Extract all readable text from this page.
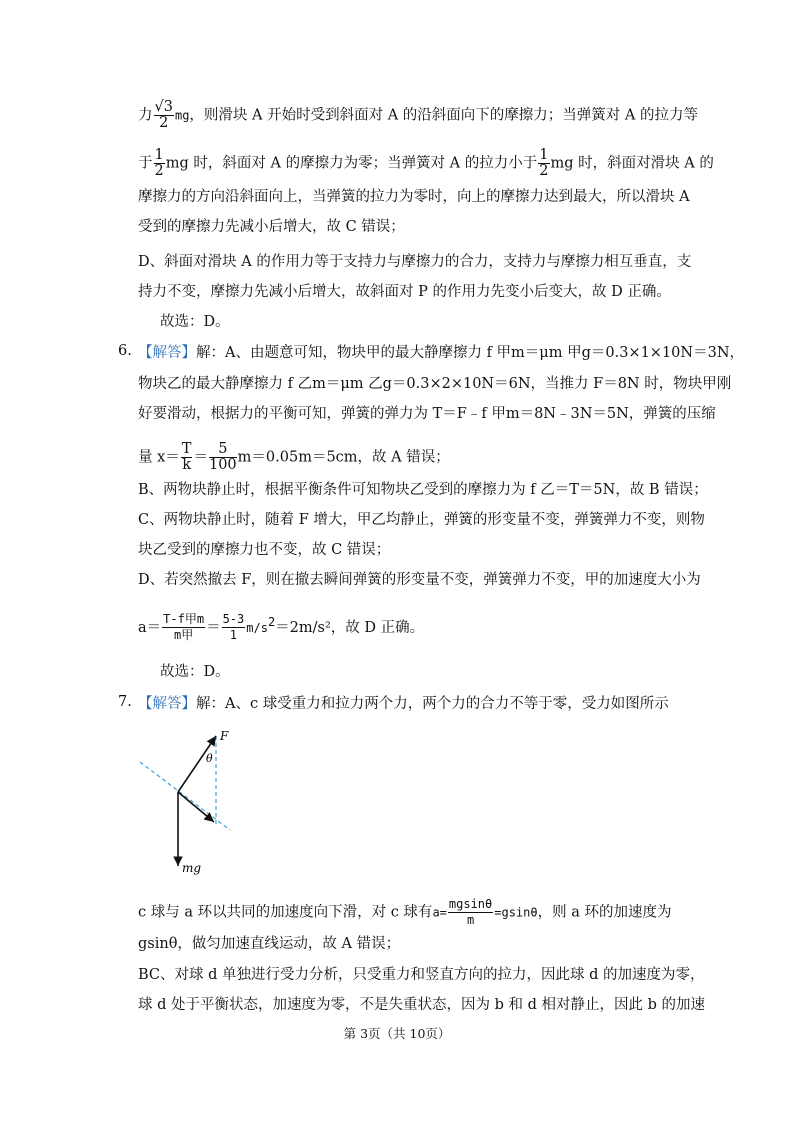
力 $\frac{√3}{2}$ mg，则滑块 A 开始时受到斜面对 A 的沿斜面向下的摩擦力；当弹簧对 A 的拉力等
于 $\frac{1}{2}$ mg 时，斜面对 A 的摩擦力为零；当弹簧对 A 的拉力小于 $\frac{1}{2}$ mg 时，斜面对滑块 A 的
摩擦力的方向沿斜面向上，当弹簧的拉力为零时，向上的摩擦力达到最大，所以滑块 A
受到的摩擦力先减小后增大，故 C 错误；
D、斜面对滑块 A 的作用力等于支持力与摩擦力的合力，支持力与摩擦力相互垂直，支
持力不变，摩擦力先减小后增大，故斜面对 P 的作用力先变小后变大，故 D 正确。
故选：D。
6. 【解答】解：A、由题意可知，物块甲的最大静摩擦力 f 甲m＝μm 甲g＝0.3×1×10N＝3N，
物块乙的最大静摩擦力 f 乙m＝μm 乙g＝0.3×2×10N＝6N，当推力 F＝8N 时，物块甲刚
好要滑动，根据力的平衡可知，弹簧的弹力为 T＝F﹣f 甲m＝8N﹣3N＝5N，弹簧的压缩
量 $x= \frac{T}{k} = \frac{5}{100} m=0.05m=5cm$，故 A 错误；
B、两物块静止时，根据平衡条件可知物块乙受到的摩擦力为 f 乙＝T＝5N，故 B 错误；
C、两物块静止时，随着 F 增大，甲乙均静止，弹簧的形变量不变，弹簧弹力不变，则物
块乙受到的摩擦力也不变，故 C 错误；
D、若突然撤去 F，则在撤去瞬间弹簧的形变量不变，弹簧弹力不变，甲的加速度大小为
$a= \frac{\text{T-f甲m}}{\text{m甲}} = \frac{5-3}{1} m/s^2=2m/s^2$，故 D 正确。
故选：D。
7. 【解答】解：A、c 球受重力和拉力两个力，两个力的合力不等于零，受力如图所示
F
θ
mg
c 球与 a 环以共同的加速度向下滑，对 c 球有$a= \frac{mgsin\theta}{m} =gsin\theta$，则 a 环的加速度为
gsinθ，做匀加速直线运动，故 A 错误；
BC、对球 d 单独进行受力分析，只受重力和竖直方向的拉力，因此球 d 的加速度为零，
球 d 处于平衡状态，加速度为零，不是失重状态，因为 b 和 d 相对静止，因此 b 的加速
第 3页（共 10页）
